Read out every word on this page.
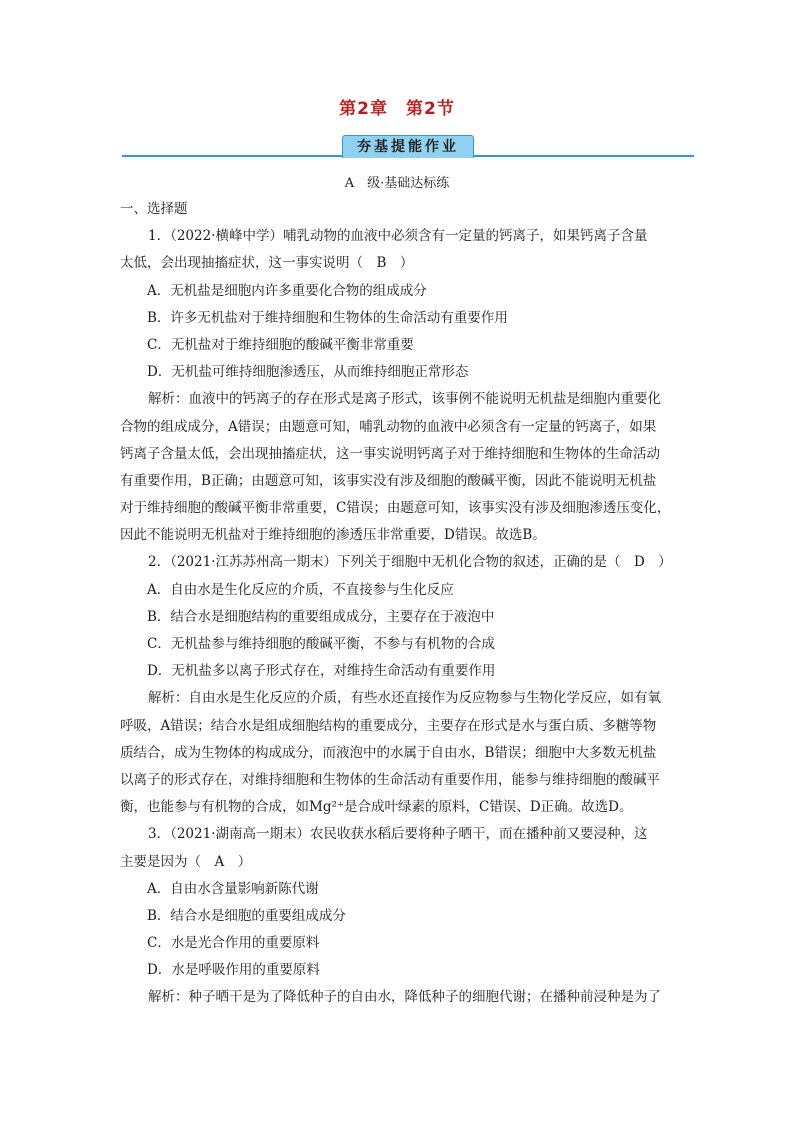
第2章　第2节
夯基提能作业
A　级·基础达标练
一、选择题
1．（2022·横峰中学）哺乳动物的血液中必须含有一定量的钙离子，如果钙离子含量
太低，会出现抽搐症状，这一事实说明（　B　）
A．无机盐是细胞内许多重要化合物的组成成分
B．许多无机盐对于维持细胞和生物体的生命活动有重要作用
C．无机盐对于维持细胞的酸碱平衡非常重要
D．无机盐可维持细胞渗透压，从而维持细胞正常形态
解析：血液中的钙离子的存在形式是离子形式，该事例不能说明无机盐是细胞内重要化
合物的组成成分，A错误；由题意可知，哺乳动物的血液中必须含有一定量的钙离子，如果
钙离子含量太低，会出现抽搐症状，这一事实说明钙离子对于维持细胞和生物体的生命活动
有重要作用，B正确；由题意可知，该事实没有涉及细胞的酸碱平衡，因此不能说明无机盐
对于维持细胞的酸碱平衡非常重要，C错误；由题意可知，该事实没有涉及细胞渗透压变化，
因此不能说明无机盐对于维持细胞的渗透压非常重要，D错误。故选B。
2．（2021·江苏苏州高一期末）下列关于细胞中无机化合物的叙述，正确的是（　D　）
A．自由水是生化反应的介质，不直接参与生化反应
B．结合水是细胞结构的重要组成成分，主要存在于液泡中
C．无机盐参与维持细胞的酸碱平衡，不参与有机物的合成
D．无机盐多以离子形式存在，对维持生命活动有重要作用
解析：自由水是生化反应的介质，有些水还直接作为反应物参与生物化学反应，如有氧
呼吸，A错误；结合水是组成细胞结构的重要成分，主要存在形式是水与蛋白质、多糖等物
质结合，成为生物体的构成成分，而液泡中的水属于自由水，B错误；细胞中大多数无机盐
以离子的形式存在，对维持细胞和生物体的生命活动有重要作用，能参与维持细胞的酸碱平
衡，也能参与有机物的合成，如Mg²⁺是合成叶绿素的原料，C错误、D正确。故选D。
3．（2021·湖南高一期末）农民收获水稻后要将种子晒干，而在播种前又要浸种，这
主要是因为（　A　）
A．自由水含量影响新陈代谢
B．结合水是细胞的重要组成成分
C．水是光合作用的重要原料
D．水是呼吸作用的重要原料
解析：种子晒干是为了降低种子的自由水，降低种子的细胞代谢；在播种前浸种是为了
